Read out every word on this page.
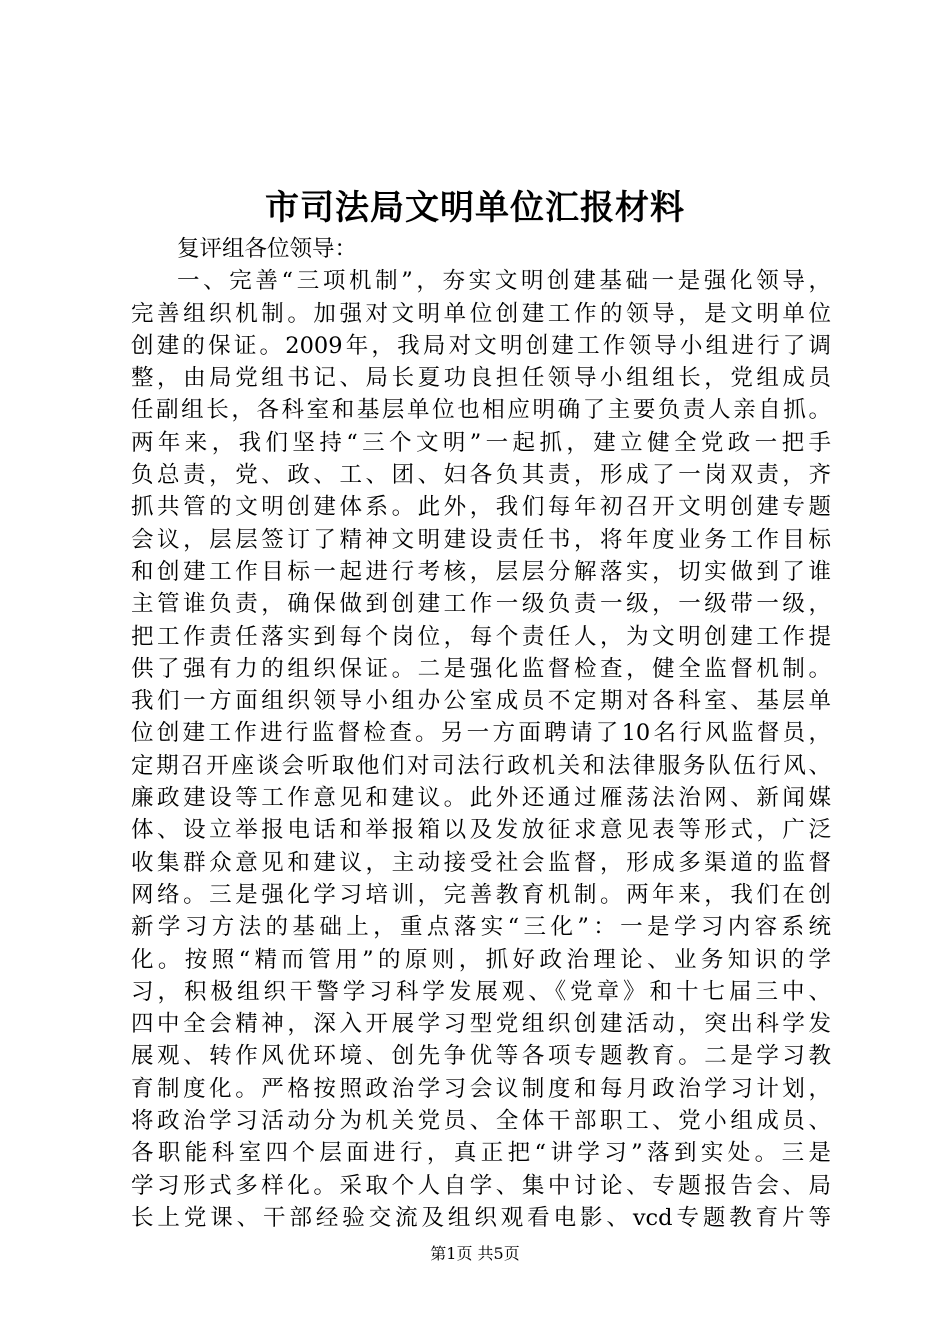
市司法局文明单位汇报材料
复评组各位领导：
一、完善“三项机制”，夯实文明创建基础一是强化领导，
完善组织机制。加强对文明单位创建工作的领导，是文明单位
创建的保证。2009年，我局对文明创建工作领导小组进行了调
整，由局党组书记、局长夏功良担任领导小组组长，党组成员
任副组长，各科室和基层单位也相应明确了主要负责人亲自抓。
两年来，我们坚持“三个文明”一起抓，建立健全党政一把手
负总责，党、政、工、团、妇各负其责，形成了一岗双责，齐
抓共管的文明创建体系。此外，我们每年初召开文明创建专题
会议，层层签订了精神文明建设责任书，将年度业务工作目标
和创建工作目标一起进行考核，层层分解落实，切实做到了谁
主管谁负责，确保做到创建工作一级负责一级，一级带一级，
把工作责任落实到每个岗位，每个责任人，为文明创建工作提
供了强有力的组织保证。二是强化监督检查，健全监督机制。
我们一方面组织领导小组办公室成员不定期对各科室、基层单
位创建工作进行监督检查。另一方面聘请了10名行风监督员，
定期召开座谈会听取他们对司法行政机关和法律服务队伍行风、
廉政建设等工作意见和建议。此外还通过雁荡法治网、新闻媒
体、设立举报电话和举报箱以及发放征求意见表等形式，广泛
收集群众意见和建议，主动接受社会监督，形成多渠道的监督
网络。三是强化学习培训，完善教育机制。两年来，我们在创
新学习方法的基础上，重点落实“三化”：一是学习内容系统
化。按照“精而管用”的原则，抓好政治理论、业务知识的学
习，积极组织干警学习科学发展观、《党章》和十七届三中、
四中全会精神，深入开展学习型党组织创建活动，突出科学发
展观、转作风优环境、创先争优等各项专题教育。二是学习教
育制度化。严格按照政治学习会议制度和每月政治学习计划，
将政治学习活动分为机关党员、全体干部职工、党小组成员、
各职能科室四个层面进行，真正把“讲学习”落到实处。三是
学习形式多样化。采取个人自学、集中讨论、专题报告会、局
长上党课、干部经验交流及组织观看电影、vcd专题教育片等
第1页 共5页
